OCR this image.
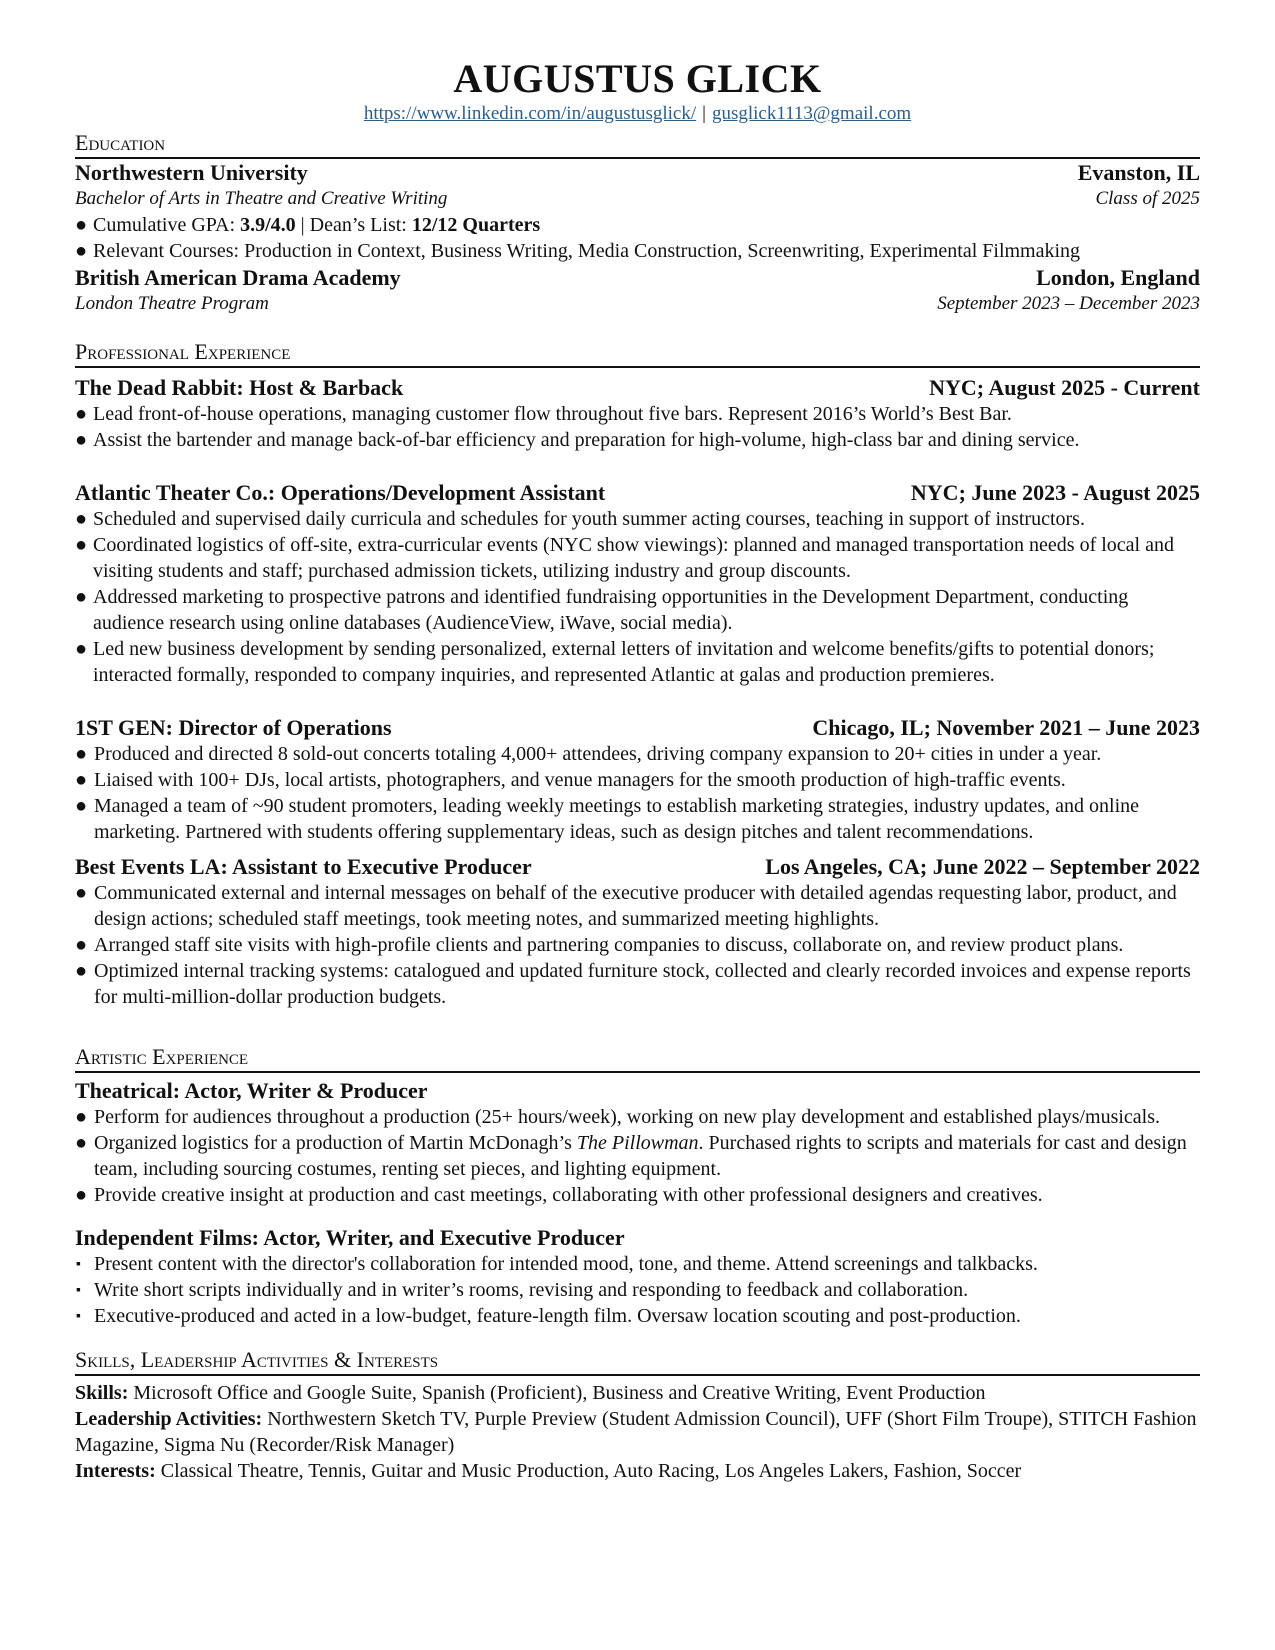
AUGUSTUS GLICK
https://www.linkedin.com/in/augustusglick/ | gusglick1113@gmail.com
Education
Northwestern University	Evanston, IL
Bachelor of Arts in Theatre and Creative Writing	Class of 2025
● Cumulative GPA: 3.9/4.0 | Dean’s List: 12/12 Quarters
● Relevant Courses: Production in Context, Business Writing, Media Construction, Screenwriting, Experimental Filmmaking
British American Drama Academy	London, England
London Theatre Program	September 2023 – December 2023
Professional Experience
The Dead Rabbit: Host & Barback	NYC; August 2025 - Current
● Lead front-of-house operations, managing customer flow throughout five bars. Represent 2016’s World’s Best Bar.
● Assist the bartender and manage back-of-bar efficiency and preparation for high-volume, high-class bar and dining service.
Atlantic Theater Co.: Operations/Development Assistant	NYC; June 2023 - August 2025
● Scheduled and supervised daily curricula and schedules for youth summer acting courses, teaching in support of instructors.
● Coordinated logistics of off-site, extra-curricular events (NYC show viewings): planned and managed transportation needs of local and visiting students and staff; purchased admission tickets, utilizing industry and group discounts.
● Addressed marketing to prospective patrons and identified fundraising opportunities in the Development Department, conducting audience research using online databases (AudienceView, iWave, social media).
● Led new business development by sending personalized, external letters of invitation and welcome benefits/gifts to potential donors; interacted formally, responded to company inquiries, and represented Atlantic at galas and production premieres.
1ST GEN: Director of Operations	Chicago, IL; November 2021 – June 2023
● Produced and directed 8 sold-out concerts totaling 4,000+ attendees, driving company expansion to 20+ cities in under a year.
● Liaised with 100+ DJs, local artists, photographers, and venue managers for the smooth production of high-traffic events.
● Managed a team of ~90 student promoters, leading weekly meetings to establish marketing strategies, industry updates, and online marketing. Partnered with students offering supplementary ideas, such as design pitches and talent recommendations.
Best Events LA: Assistant to Executive Producer	Los Angeles, CA; June 2022 – September 2022
● Communicated external and internal messages on behalf of the executive producer with detailed agendas requesting labor, product, and design actions; scheduled staff meetings, took meeting notes, and summarized meeting highlights.
● Arranged staff site visits with high-profile clients and partnering companies to discuss, collaborate on, and review product plans.
● Optimized internal tracking systems: catalogued and updated furniture stock, collected and clearly recorded invoices and expense reports for multi-million-dollar production budgets.
Artistic Experience
Theatrical: Actor, Writer & Producer
● Perform for audiences throughout a production (25+ hours/week), working on new play development and established plays/musicals.
● Organized logistics for a production of Martin McDonagh’s The Pillowman. Purchased rights to scripts and materials for cast and design team, including sourcing costumes, renting set pieces, and lighting equipment.
● Provide creative insight at production and cast meetings, collaborating with other professional designers and creatives.
Independent Films: Actor, Writer, and Executive Producer
▪ Present content with the director's collaboration for intended mood, tone, and theme. Attend screenings and talkbacks.
▪ Write short scripts individually and in writer’s rooms, revising and responding to feedback and collaboration.
▪ Executive-produced and acted in a low-budget, feature-length film. Oversaw location scouting and post-production.
Skills, Leadership Activities & Interests
Skills: Microsoft Office and Google Suite, Spanish (Proficient), Business and Creative Writing, Event Production
Leadership Activities: Northwestern Sketch TV, Purple Preview (Student Admission Council), UFF (Short Film Troupe), STITCH Fashion Magazine, Sigma Nu (Recorder/Risk Manager)
Interests: Classical Theatre, Tennis, Guitar and Music Production, Auto Racing, Los Angeles Lakers, Fashion, Soccer
